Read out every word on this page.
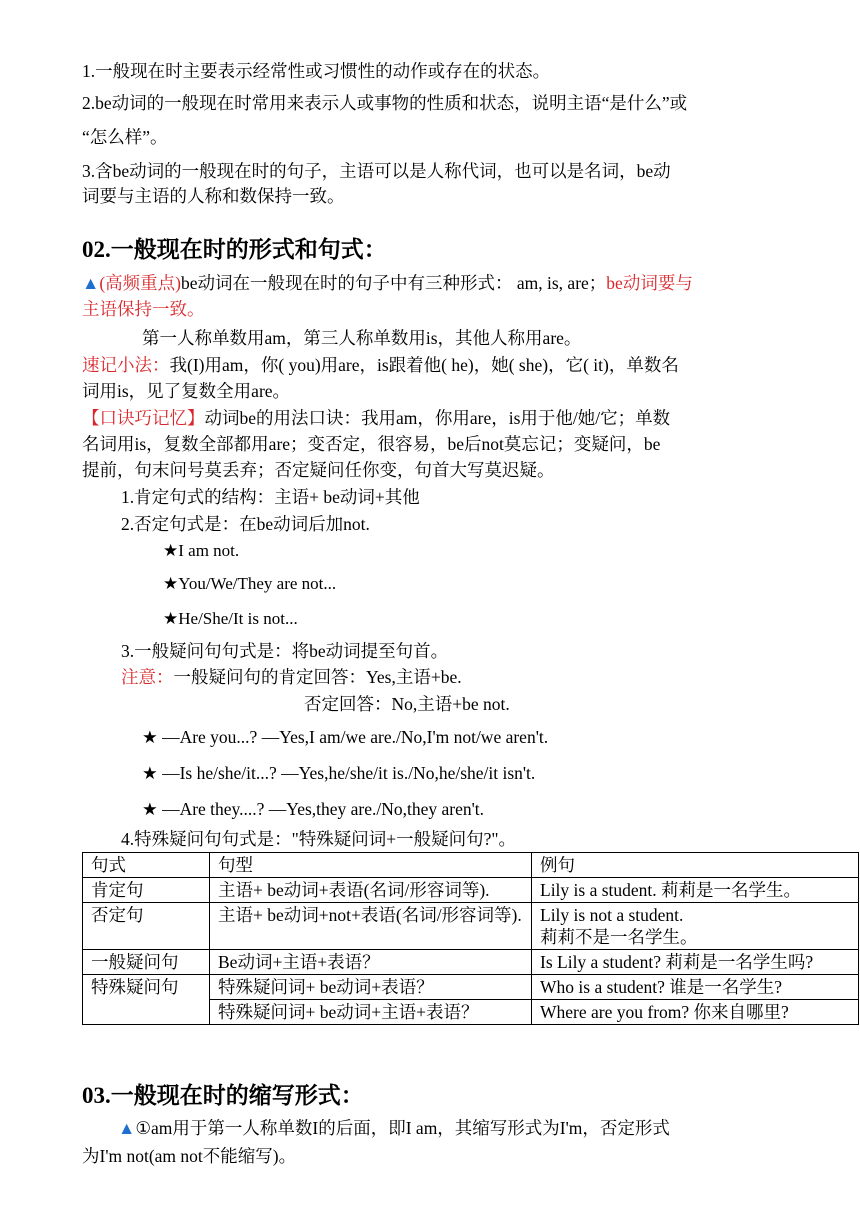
1.一般现在时主要表示经常性或习惯性的动作或存在的状态。
2.be动词的一般现在时常用来表示人或事物的性质和状态，说明主语“是什么”或
“怎么样”。
3.含be动词的一般现在时的句子，主语可以是人称代词，也可以是名词，be动
词要与主语的人称和数保持一致。
02.一般现在时的形式和句式：
▲(高频重点)be动词在一般现在时的句子中有三种形式： am, is, are；be动词要与
主语保持一致。
第一人称单数用am，第三人称单数用is，其他人称用are。
速记小法：我(I)用am，你( you)用are，is跟着他( he)，她( she)，它( it)，单数名
词用is，见了复数全用are。
【口诀巧记忆】动词be的用法口诀：我用am，你用are，is用于他/她/它；单数
名词用is，复数全部都用are；变否定，很容易，be后not莫忘记；变疑问，be
提前，句末问号莫丢弃；否定疑问任你变，句首大写莫迟疑。
1.肯定句式的结构：主语+ be动词+其他
2.否定句式是：在be动词后加not.
★I am not.
★You/We/They are not...
★He/She/It is not...
3.一般疑问句句式是：将be动词提至句首。
注意：一般疑问句的肯定回答：Yes,主语+be.
否定回答：No,主语+be not.
★ —Are you...? —Yes,I am/we are./No,I'm not/we aren't.
★ —Is he/she/it...? —Yes,he/she/it is./No,he/she/it isn't.
★ —Are they....? —Yes,they are./No,they aren't.
4.特殊疑问句句式是："特殊疑问词+一般疑问句?"。
句式	句型	例句
肯定句	主语+ be动词+表语(名词/形容词等).	Lily is a student. 莉莉是一名学生。
否定句	主语+ be动词+not+表语(名词/形容词等).	Lily is not a student.
莉莉不是一名学生。

一般疑问句	Be动词+主语+表语？	Is Lily a student? 莉莉是一名学生吗?
特殊疑问句	特殊疑问词+ be动词+表语？	Who is a student? 谁是一名学生?
	特殊疑问词+ be动词+主语+表语？	Where are you from? 你来自哪里?
03.一般现在时的缩写形式：
▲①am用于第一人称单数I的后面，即I am，其缩写形式为I'm，否定形式
为I'm not(am not不能缩写)。
